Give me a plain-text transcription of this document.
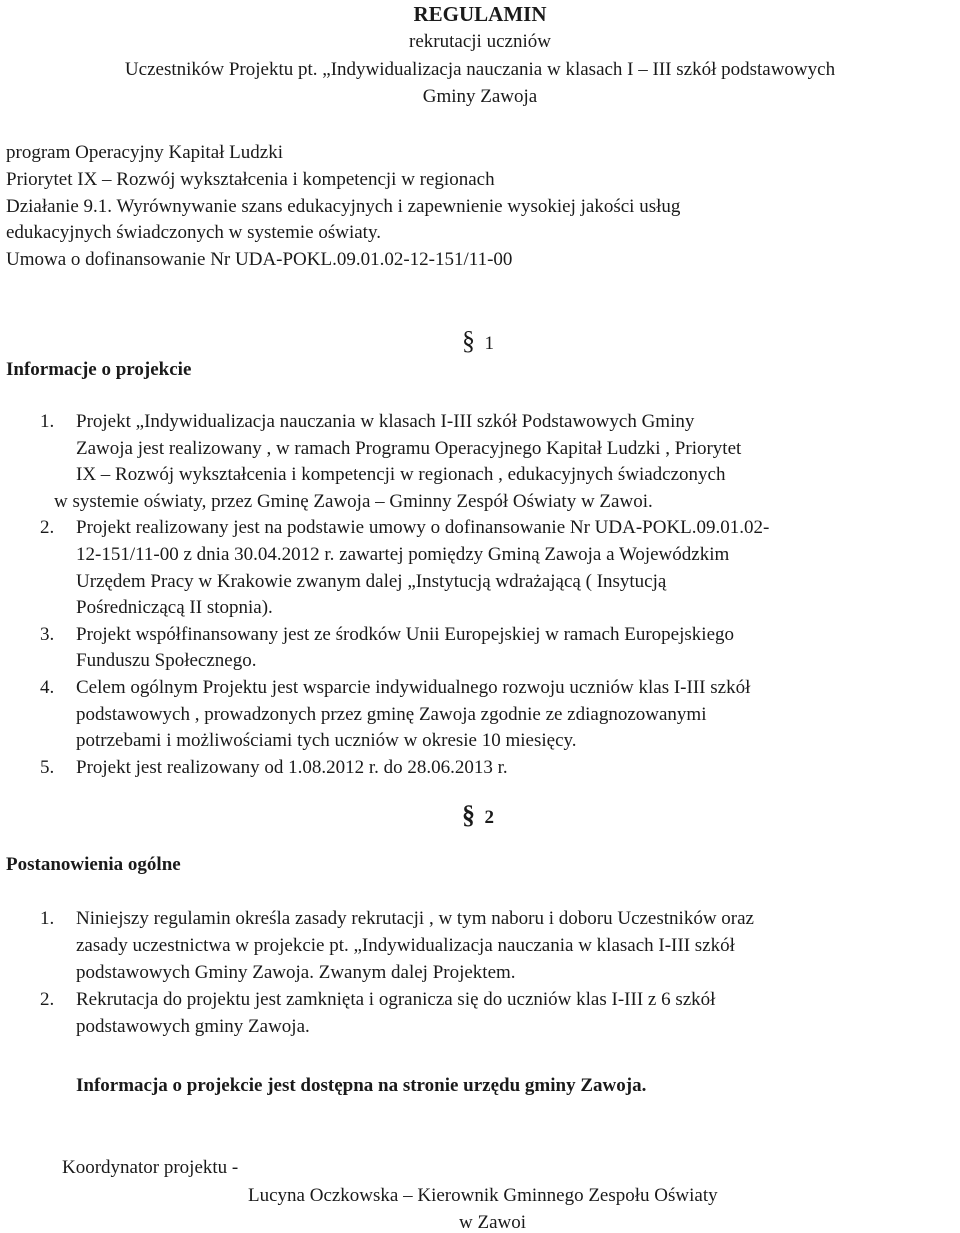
REGULAMIN
rekrutacji uczniów
Uczestników Projektu pt. „Indywidualizacja nauczania w klasach I – III szkół podstawowych
Gminy Zawoja
program Operacyjny Kapitał Ludzki
Priorytet IX – Rozwój wykształcenia i kompetencji w regionach
Działanie 9.1. Wyrównywanie szans edukacyjnych i zapewnienie wysokiej jakości usług
edukacyjnych świadczonych w systemie oświaty.
Umowa o dofinansowanie Nr UDA-POKL.09.01.02-12-151/11-00
§ 1
Informacje o projekcie
1. Projekt „Indywidualizacja nauczania w klasach I-III szkół Podstawowych Gminy
Zawoja jest realizowany , w ramach Programu Operacyjnego Kapitał Ludzki , Priorytet
IX – Rozwój wykształcenia i kompetencji w regionach , edukacyjnych świadczonych
w systemie oświaty, przez Gminę Zawoja – Gminny Zespół Oświaty w Zawoi.
2. Projekt realizowany jest na podstawie umowy o dofinansowanie Nr UDA-POKL.09.01.02-
12-151/11-00 z dnia 30.04.2012 r. zawartej pomiędzy Gminą Zawoja a Wojewódzkim
Urzędem Pracy w Krakowie zwanym dalej „Instytucją wdrażającą ( Insytucją
Pośredniczącą II stopnia).
3. Projekt współfinansowany jest ze środków Unii Europejskiej w ramach Europejskiego
Funduszu Społecznego.
4. Celem ogólnym Projektu jest wsparcie indywidualnego rozwoju uczniów klas I-III szkół
podstawowych , prowadzonych przez gminę Zawoja zgodnie ze zdiagnozowanymi
potrzebami i możliwościami tych uczniów w okresie 10 miesięcy.
5. Projekt jest realizowany od 1.08.2012 r. do 28.06.2013 r.
§ 2
Postanowienia ogólne
1. Niniejszy regulamin określa zasady rekrutacji , w tym naboru i doboru Uczestników oraz
zasady uczestnictwa w projekcie pt. „Indywidualizacja nauczania w klasach I-III szkół
podstawowych Gminy Zawoja. Zwanym dalej Projektem.
2. Rekrutacja do projektu jest zamknięta i ogranicza się do uczniów klas I-III z 6 szkół
podstawowych gminy Zawoja.
Informacja o projekcie jest dostępna na stronie urzędu gminy Zawoja.
Koordynator projektu -
Lucyna Oczkowska – Kierownik Gminnego Zespołu Oświaty
w Zawoi
